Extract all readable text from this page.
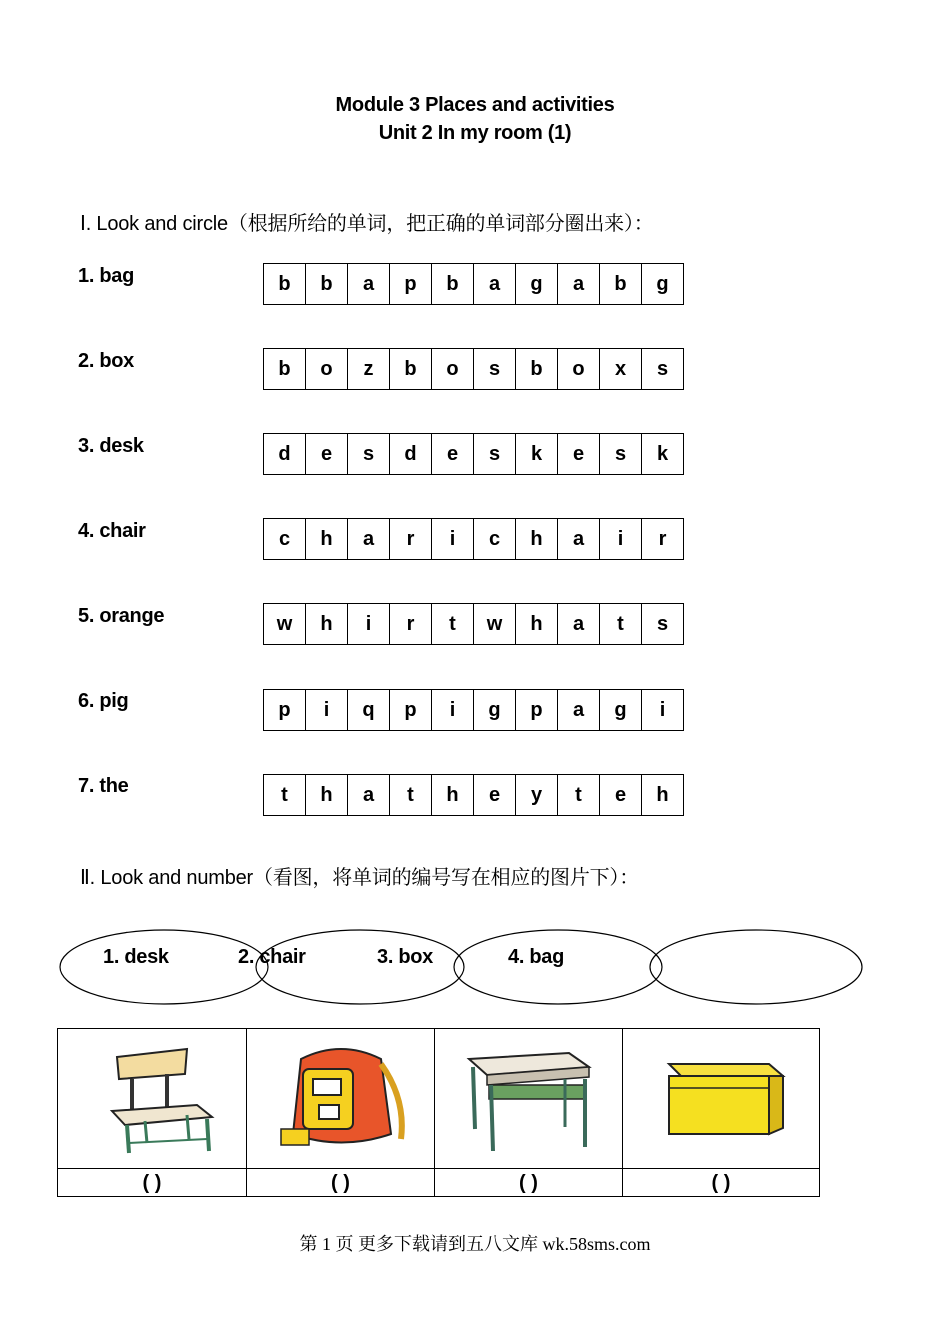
Module 3 Places and activities
Unit 2 In my room (1)
Ⅰ. Look and circle（根据所给的单词，把正确的单词部分圈出来）：
1. bag	b	b	a	p	b	a	g	a	b	g
2. box	b	o	z	b	o	s	b	o	x	s
3. desk	d	e	s	d	e	s	k	e	s	k
4. chair	c	h	a	r	i	c	h	a	i	r
5. orange	w	h	i	r	t	w	h	a	t	s
6. pig	p	i	q	p	i	g	p	a	g	i
7. the	t	h	a	t	h	e	y	t	e	h
Ⅱ. Look and number（看图，将单词的编号写在相应的图片下）：
1. desk	2. chair	3. box	4. bag
( )	( )	( )	( )
第 1 页 更多下载请到五八文库 wk.58sms.com
